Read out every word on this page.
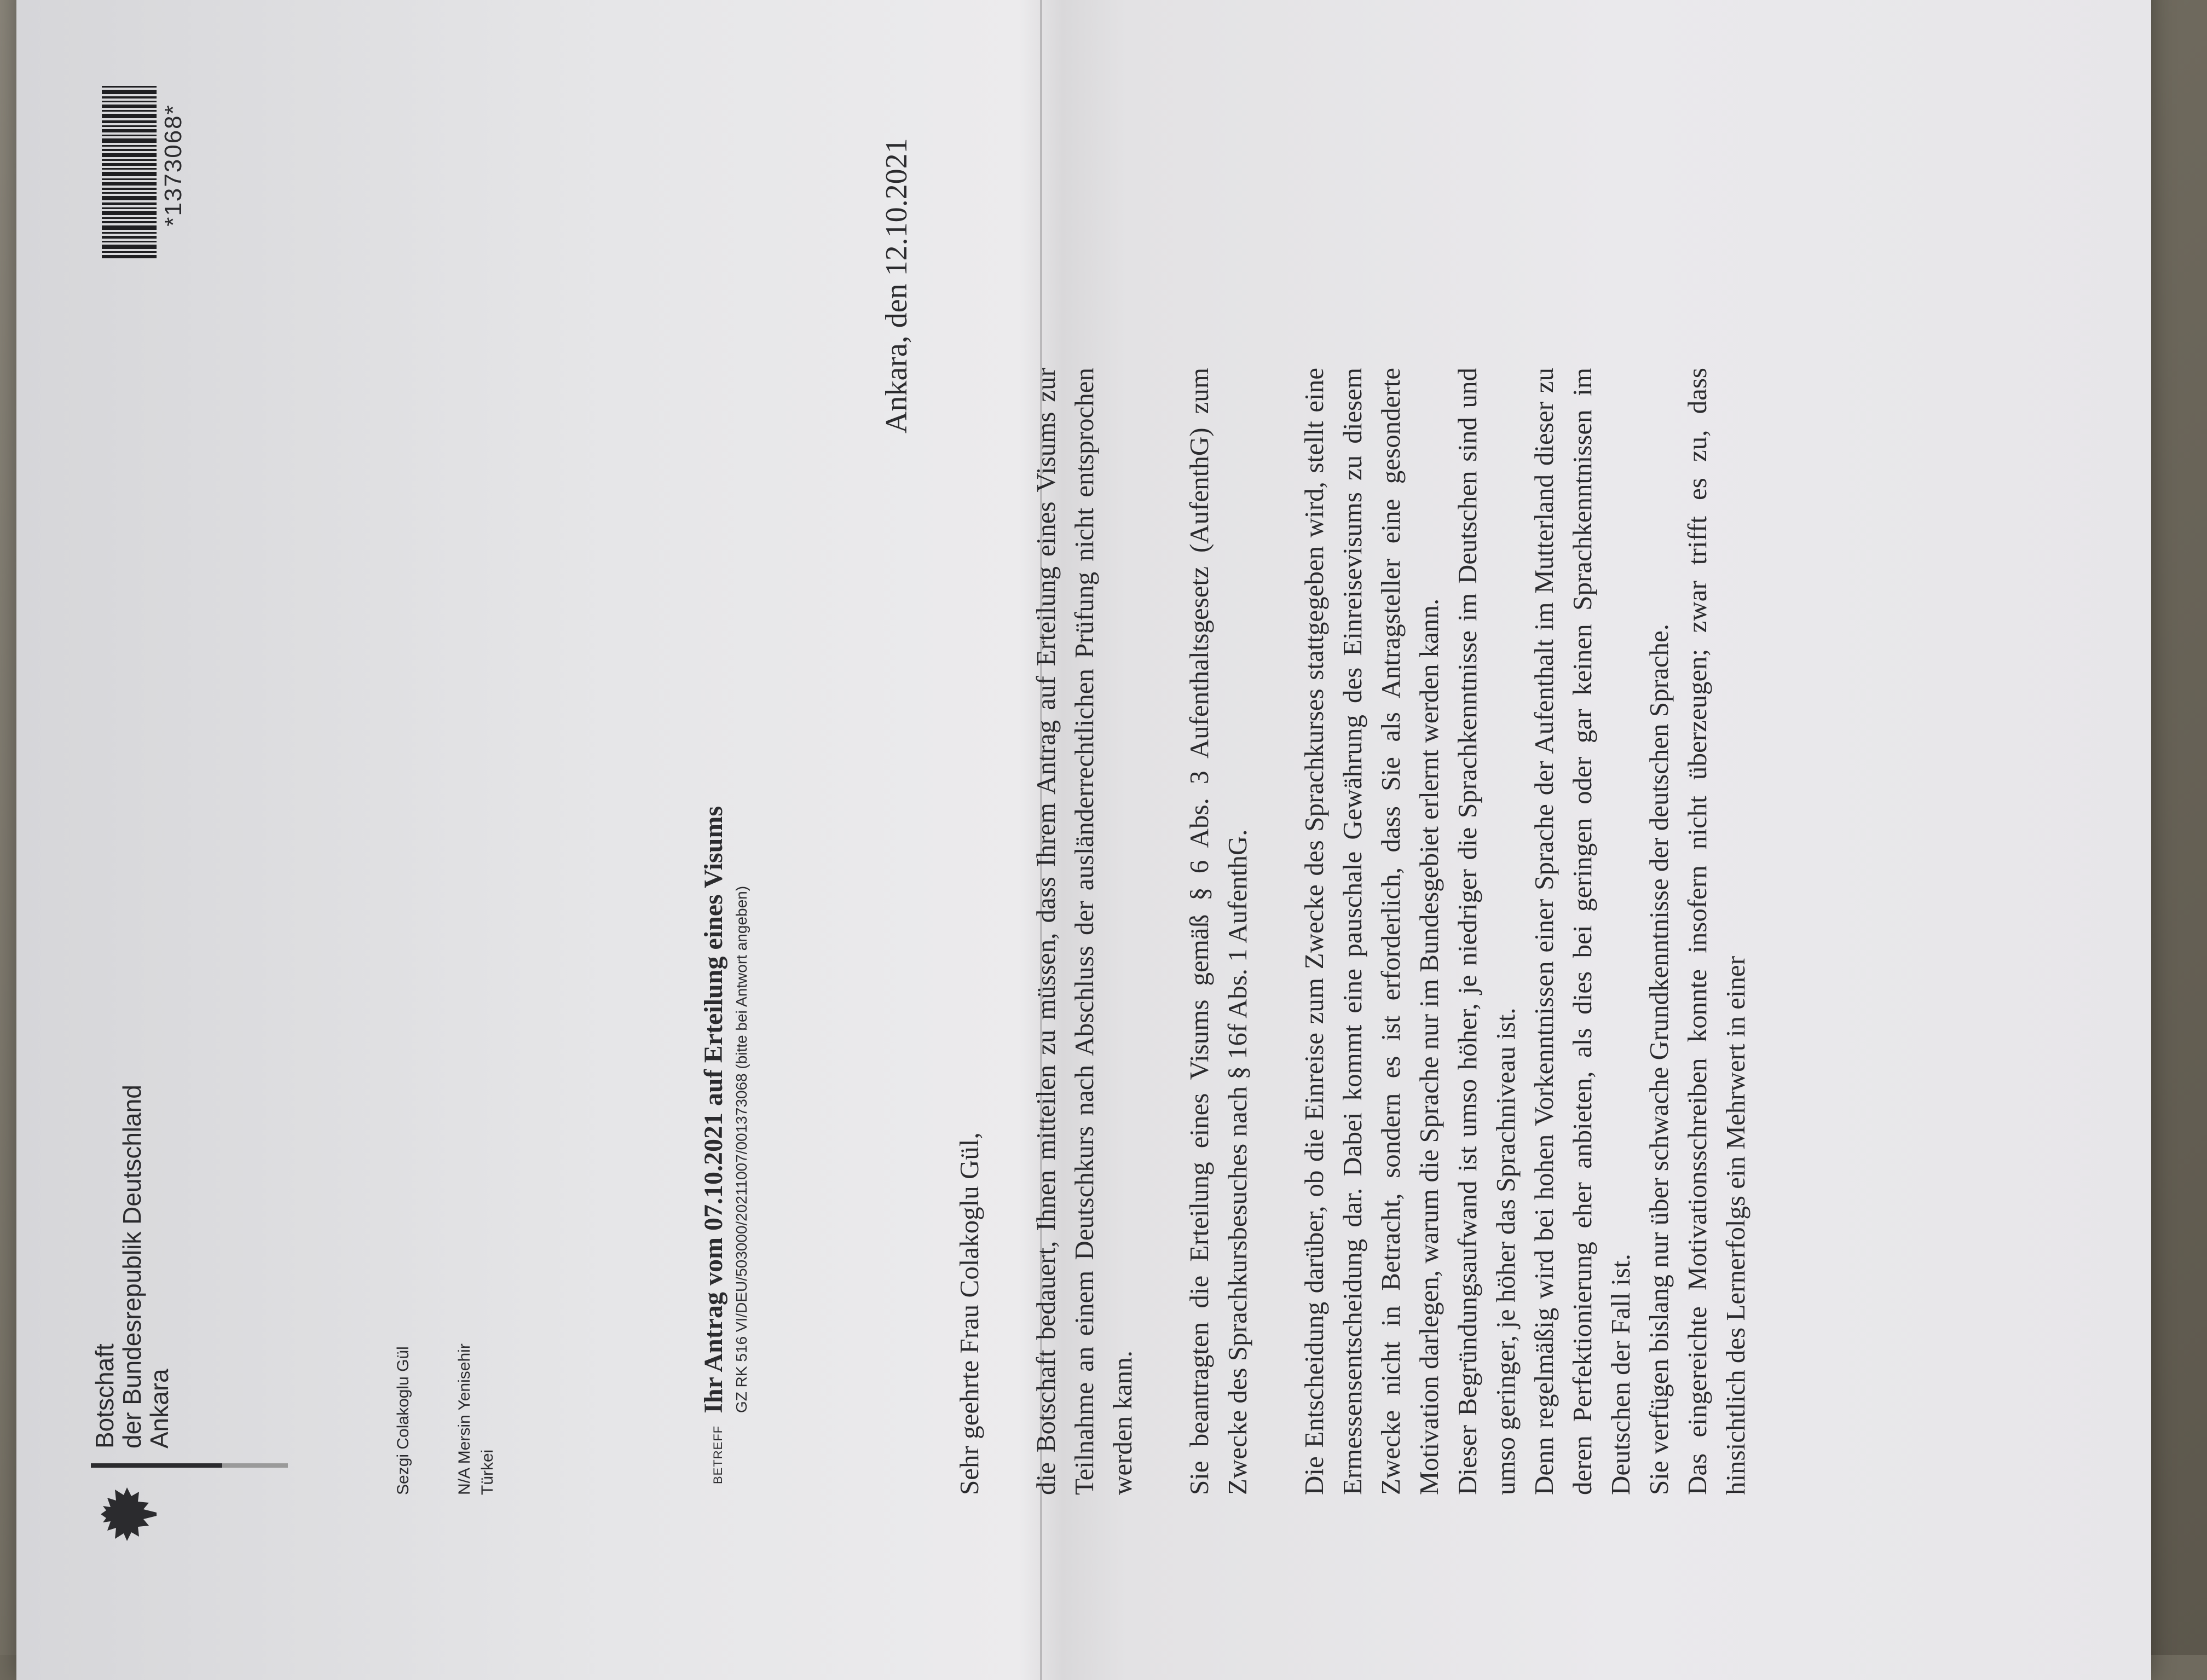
Botschaft
der Bundesrepublik Deutschland
Ankara
*1373068*
Sezgi Colakoglu Gül	N/A Mersin Yenisehir Türkei	BETREFF Ihr Antrag vom 07.10.2021 auf Erteilung eines Visums GZ RK 516 VI/DEU/503000/20211007/001373068 (bitte bei Antwort angeben)
Ankara, den 12.10.2021

Sehr geehrte Frau Colakoglu Gül, die Botschaft bedauert, Ihnen mitteilen zu müssen, dass Ihrem Antrag auf Erteilung eines Visums zur Teilnahme an einem Deutschkurs nach Abschluss der ausländerrechtlichen Prüfung nicht entsprochen werden kann. Sie beantragten die Erteilung eines Visums gemäß § 6 Abs. 3 Aufenthaltsgesetz (AufenthG) zum Zwecke des Sprachkursbesuches nach § 16f Abs. 1 AufenthG. Die Entscheidung darüber, ob die Einreise zum Zwecke des Sprachkurses stattgegeben wird, stellt eine Ermessensentscheidung dar. Dabei kommt eine pauschale Gewährung des Einreisevisums zu diesem Zwecke nicht in Betracht, sondern es ist erforderlich, dass Sie als Antragsteller eine gesonderte Motivation darlegen, warum die Sprache nur im Bundesgebiet erlernt werden kann. Dieser Begründungsaufwand ist umso höher, je niedriger die Sprachkenntnisse im Deutschen sind und umso geringer, je höher das Sprachniveau ist. Denn regelmäßig wird bei hohen Vorkenntnissen einer Sprache der Aufenthalt im Mutterland dieser zu deren Perfektionierung eher anbieten, als dies bei geringen oder gar keinen Sprachkenntnissen im Deutschen der Fall ist. Sie verfügen bislang nur über schwache Grundkenntnisse der deutschen Sprache. Das eingereichte Motivationsschreiben konnte insofern nicht überzeugen; zwar trifft es zu, dass hinsichtlich des Lernerfolgs ein Mehrwert in einer
